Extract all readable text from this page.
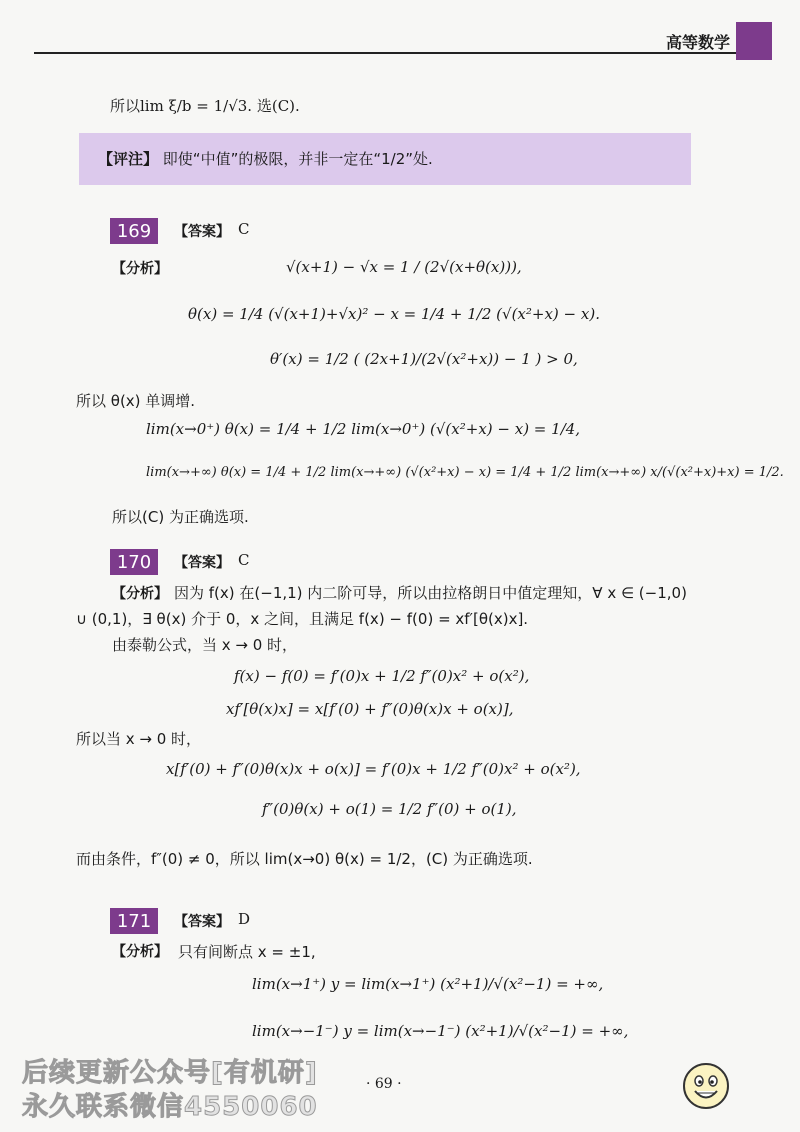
高等数学
所以lim ξ/b = 1/√3. 选(C).
【评注】 即使“中值”的极限，并非一定在“1/2”处.
169	【答案】 C
【分析】	√(x+1) − √x = 1 / (2√(x+θ(x))),
θ(x) = 1/4 (√(x+1)+√x)² − x = 1/4 + 1/2 (√(x²+x) − x).
θ′(x) = 1/2 ( (2x+1)/(2√(x²+x)) − 1 ) > 0,
所以 θ(x) 单调增.
lim(x→0⁺) θ(x) = 1/4 + 1/2 lim(x→0⁺) (√(x²+x) − x) = 1/4,
lim(x→+∞) θ(x) = 1/4 + 1/2 lim(x→+∞) (√(x²+x) − x) = 1/4 + 1/2 lim(x→+∞) x/(√(x²+x)+x) = 1/2.
所以(C) 为正确选项.
170	【答案】 C
【分析】 因为 f(x) 在(−1,1) 内二阶可导，所以由拉格朗日中值定理知，∀ x ∈ (−1,0)
∪ (0,1)，∃ θ(x) 介于 0，x 之间，且满足 f(x) − f(0) = xf′[θ(x)x].
由泰勒公式，当 x → 0 时，
f(x) − f(0) = f′(0)x + 1/2 f″(0)x² + o(x²),
xf′[θ(x)x] = x[f′(0) + f″(0)θ(x)x + o(x)],
所以当 x → 0 时，
x[f′(0) + f″(0)θ(x)x + o(x)] = f′(0)x + 1/2 f″(0)x² + o(x²),
f″(0)θ(x) + o(1) = 1/2 f″(0) + o(1),
而由条件，f″(0) ≠ 0，所以 lim(x→0) θ(x) = 1/2，(C) 为正确选项.
171	【答案】 D
【分析】 只有间断点 x = ±1,
lim(x→1⁺) y = lim(x→1⁺) (x²+1)/√(x²−1) = +∞,
lim(x→−1⁻) y = lim(x→−1⁻) (x²+1)/√(x²−1) = +∞,
· 69 ·
后续更新公众号[有机研]
永久联系微信4550060
